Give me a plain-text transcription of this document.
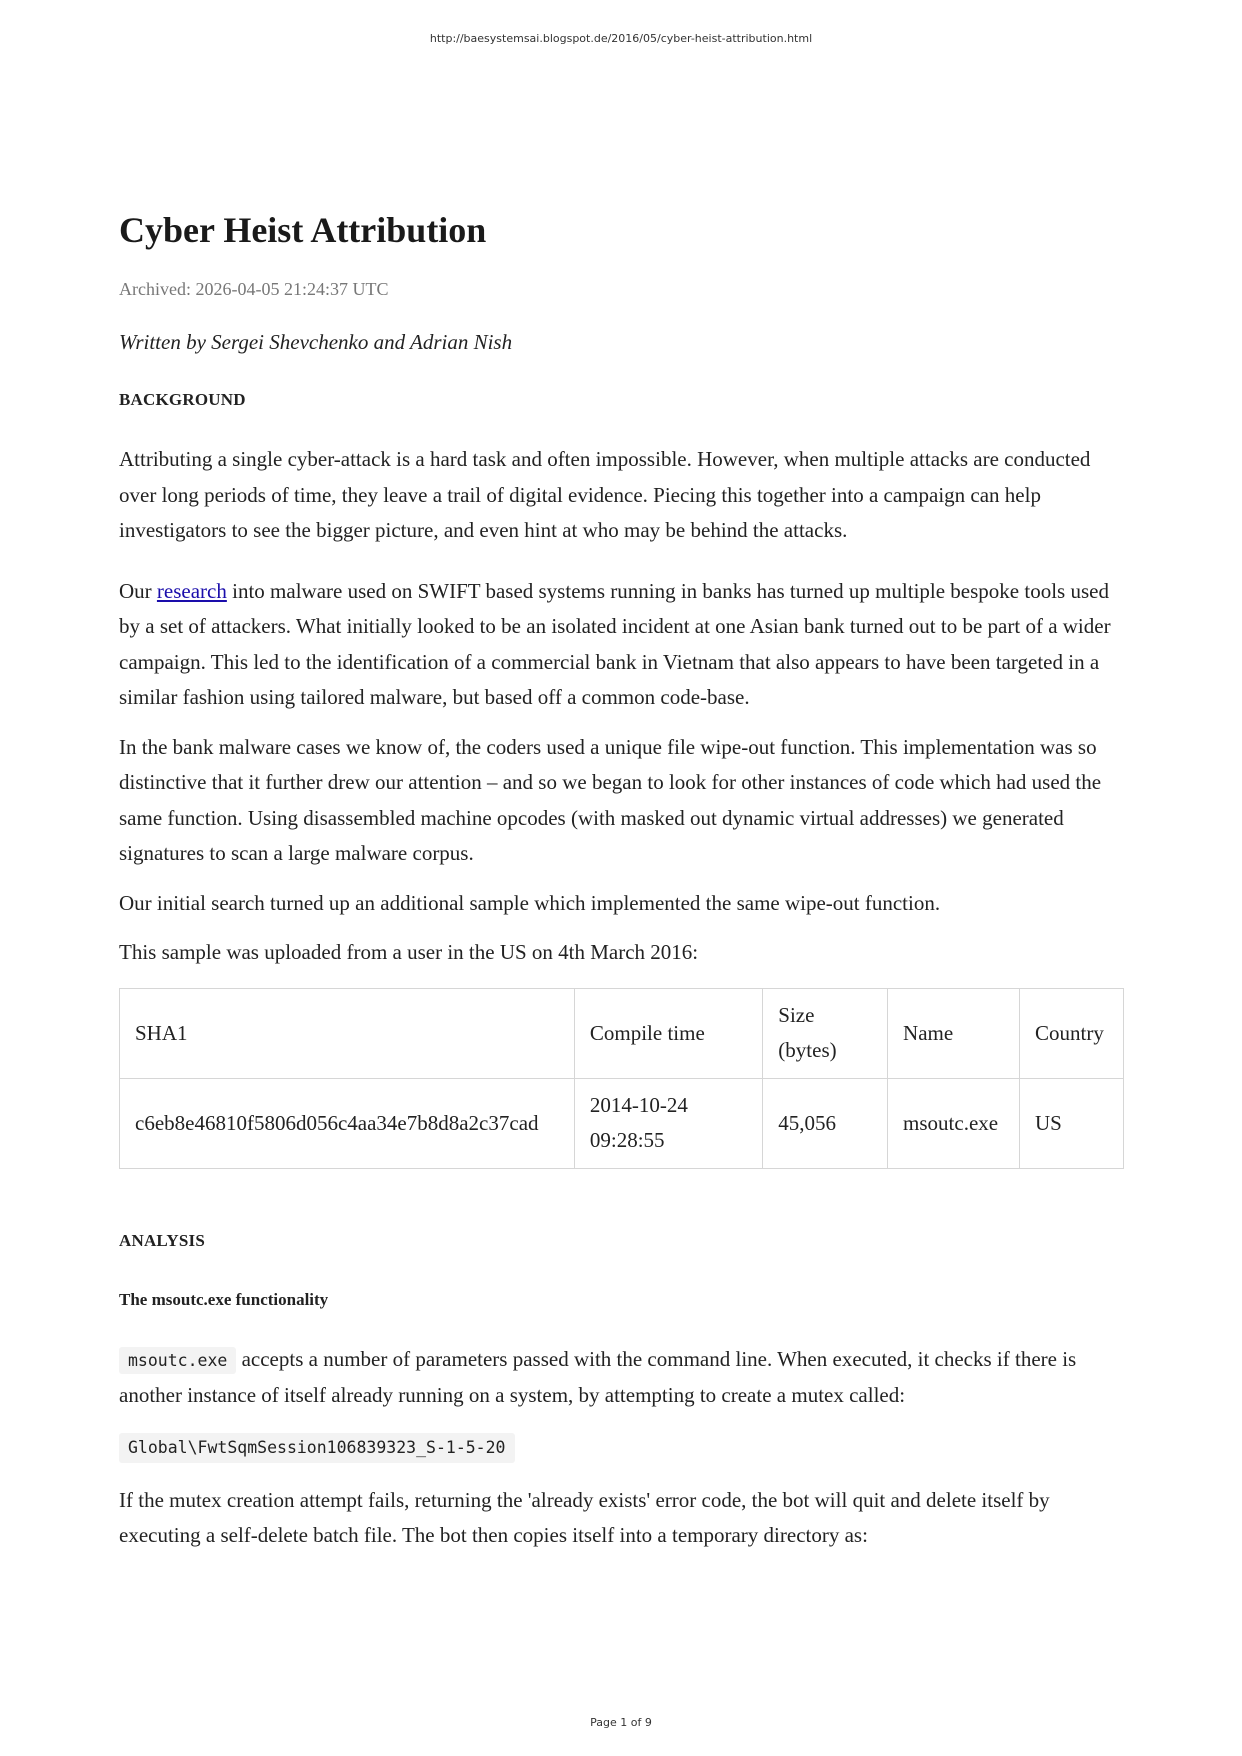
http://baesystemsai.blogspot.de/2016/05/cyber-heist-attribution.html
Cyber Heist Attribution
Archived: 2026-04-05 21:24:37 UTC
Written by Sergei Shevchenko and Adrian Nish
BACKGROUND

Attributing a single cyber-attack is a hard task and often impossible. However, when multiple attacks are conducted over long periods of time, they leave a trail of digital evidence. Piecing this together into a campaign can help investigators to see the bigger picture, and even hint at who may be behind the attacks.

Our research into malware used on SWIFT based systems running in banks has turned up multiple bespoke tools used by a set of attackers. What initially looked to be an isolated incident at one Asian bank turned out to be part of a wider campaign. This led to the identification of a commercial bank in Vietnam that also appears to have been targeted in a similar fashion using tailored malware, but based off a common code-base.

In the bank malware cases we know of, the coders used a unique file wipe-out function. This implementation was so distinctive that it further drew our attention – and so we began to look for other instances of code which had used the same function. Using disassembled machine opcodes (with masked out dynamic virtual addresses) we generated signatures to scan a large malware corpus.

Our initial search turned up an additional sample which implemented the same wipe-out function.

This sample was uploaded from a user in the US on 4th March 2016:

SHA1	Compile time	Size (bytes)	Name	Country
c6eb8e46810f5806d056c4aa34e7b8d8a2c37cad	2014-10-24 09:28:55	45,056	msoutc.exe	US
ANALYSIS
The msoutc.exe functionality

msoutc.exe accepts a number of parameters passed with the command line. When executed, it checks if there is another instance of itself already running on a system, by attempting to create a mutex called:

Global\FwtSqmSession106839323_S-1-5-20

If the mutex creation attempt fails, returning the 'already exists' error code, the bot will quit and delete itself by executing a self-delete batch file. The bot then copies itself into a temporary directory as:

Page 1 of 9
